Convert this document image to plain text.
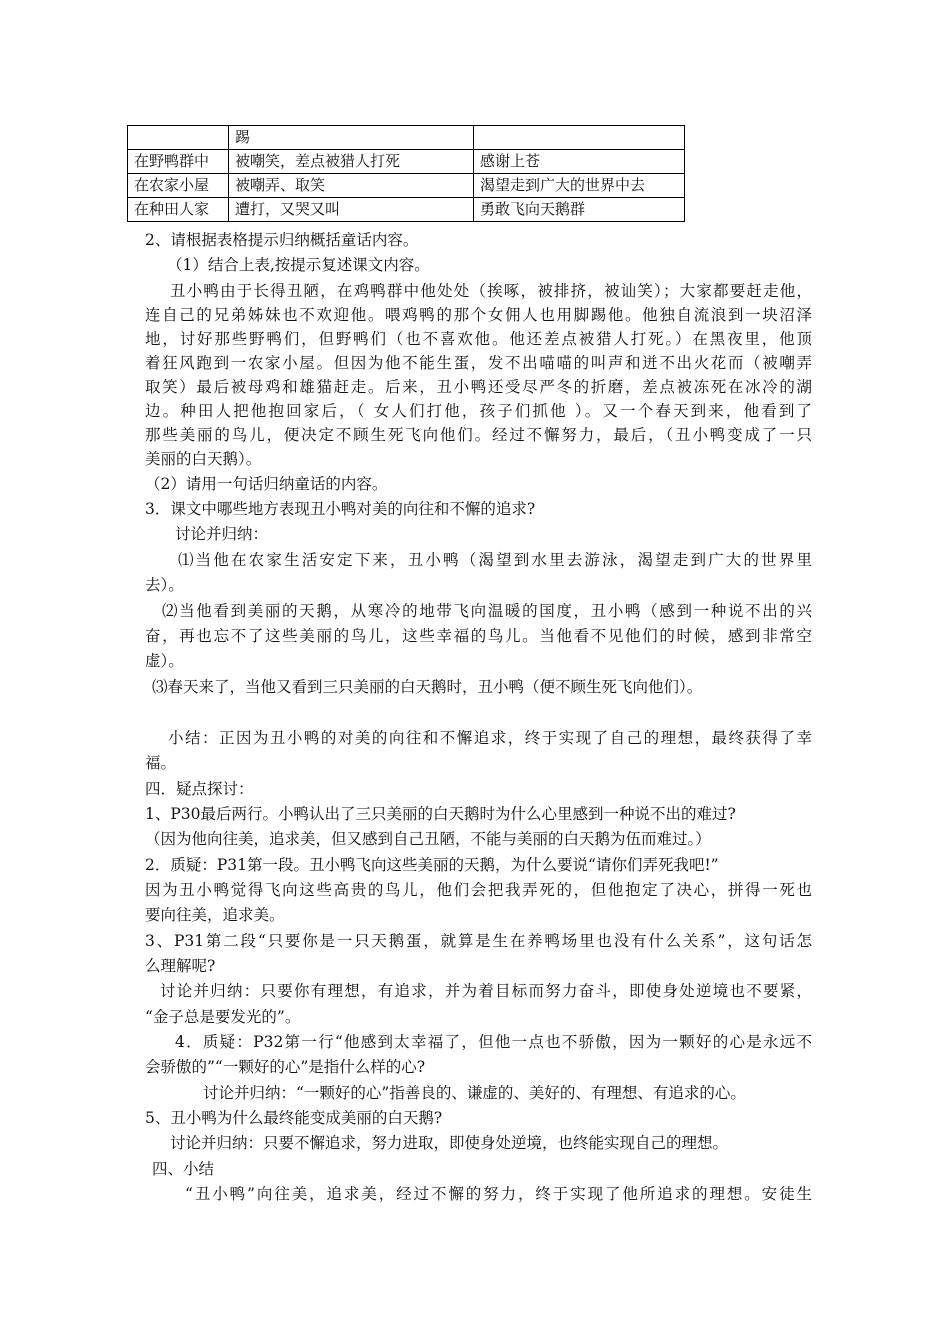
	踢	
在野鸭群中	被嘲笑，差点被猎人打死	感谢上苍
在农家小屋	被嘲弄、取笑	渴望走到广大的世界中去
在种田人家	遭打，又哭又叫	勇敢飞向天鹅群
2、请根据表格提示归纳概括童话内容。
（1）结合上表,按提示复述课文内容。
丑小鸭由于长得丑陋，在鸡鸭群中他处处（挨啄，被排挤，被讪笑）；大家都要赶走他，
连自己的兄弟姊妹也不欢迎他。喂鸡鸭的那个女佣人也用脚踢他。他独自流浪到一块沼泽
地，讨好那些野鸭们，但野鸭们（也不喜欢他。他还差点被猎人打死。）在黑夜里，他顶
着狂风跑到一农家小屋。但因为他不能生蛋，发不出喵喵的叫声和迸不出火花而（被嘲弄
取笑）最后被母鸡和雄猫赶走。后来，丑小鸭还受尽严冬的折磨，差点被冻死在冰冷的湖
边。种田人把他抱回家后，（ 女人们打他，孩子们抓他 ）。又一个春天到来，他看到了
那些美丽的鸟儿，便决定不顾生死飞向他们。经过不懈努力，最后，（丑小鸭变成了一只
美丽的白天鹅）。
（2）请用一句话归纳童话的内容。
3．课文中哪些地方表现丑小鸭对美的向往和不懈的追求?
讨论并归纳：
⑴当他在农家生活安定下来，丑小鸭（渴望到水里去游泳，渴望走到广大的世界里
去）。
⑵当他看到美丽的天鹅，从寒冷的地带飞向温暖的国度，丑小鸭（感到一种说不出的兴
奋，再也忘不了这些美丽的鸟儿，这些幸福的鸟儿。当他看不见他们的时候，感到非常空
虚）。
⑶春天来了，当他又看到三只美丽的白天鹅时，丑小鸭（便不顾生死飞向他们）。
小结：正因为丑小鸭的对美的向往和不懈追求，终于实现了自己的理想，最终获得了幸
福。
四．疑点探讨：
1、P30最后两行。小鸭认出了三只美丽的白天鹅时为什么心里感到一种说不出的难过?
（因为他向往美，追求美，但又感到自己丑陋，不能与美丽的白天鹅为伍而难过。）
2．质疑：P31第一段。丑小鸭飞向这些美丽的天鹅，为什么要说“请你们弄死我吧!”
因为丑小鸭觉得飞向这些高贵的鸟儿，他们会把我弄死的，但他抱定了决心，拼得一死也
要向往美，追求美。
3、P31第二段“只要你是一只天鹅蛋，就算是生在养鸭场里也没有什么关系”，这句话怎
么理解呢?
讨论并归纳：只要你有理想，有追求，并为着目标而努力奋斗，即使身处逆境也不要紧，
“金子总是要发光的”。
4．质疑：P32第一行“他感到太幸福了，但他一点也不骄傲，因为一颗好的心是永远不
会骄傲的”“一颗好的心”是指什么样的心?
讨论并归纳：“一颗好的心”指善良的、谦虚的、美好的、有理想、有追求的心。
5、丑小鸭为什么最终能变成美丽的白天鹅?
讨论并归纳：只要不懈追求，努力进取，即使身处逆境，也终能实现自己的理想。
四、小结
“丑小鸭”向往美，追求美，经过不懈的努力，终于实现了他所追求的理想。安徒生
